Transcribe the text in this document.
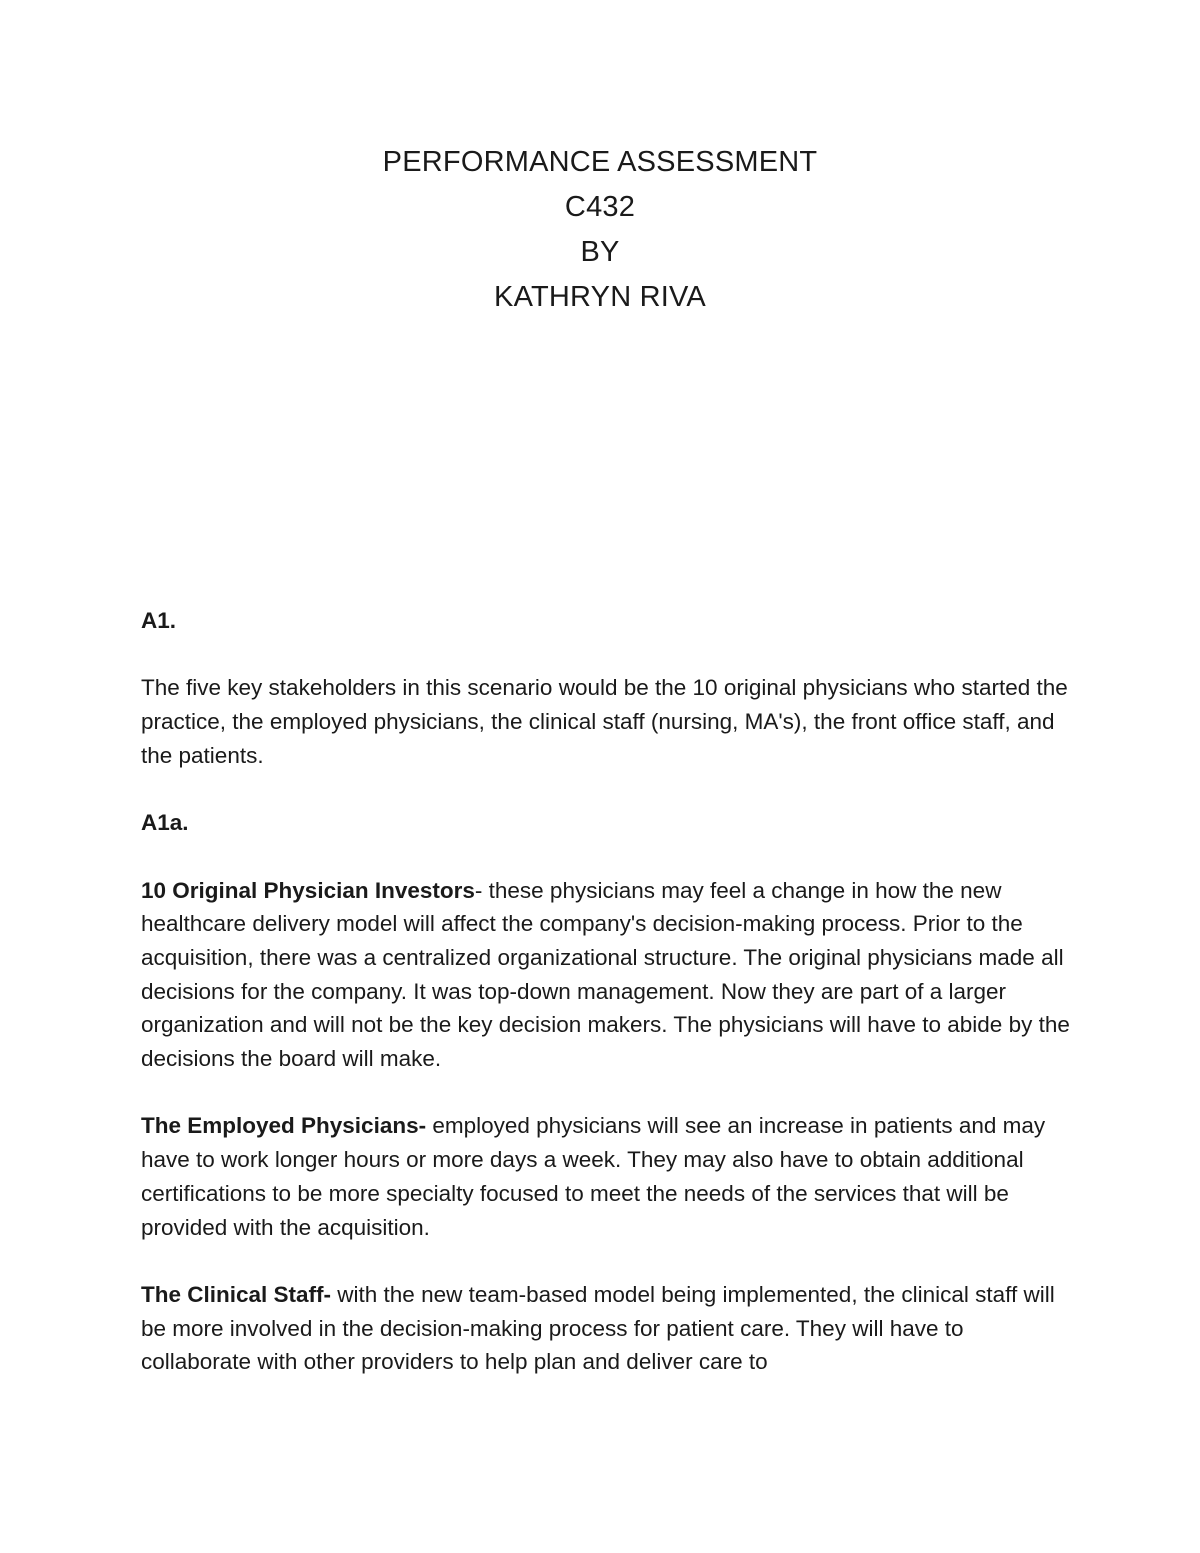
PERFORMANCE ASSESSMENT
C432
BY
KATHRYN RIVA
A1.
The five key stakeholders in this scenario would be the 10 original physicians who started the practice, the employed physicians, the clinical staff (nursing, MA's), the front office staff, and the patients.
A1a.
10 Original Physician Investors- these physicians may feel a change in how the new healthcare delivery model will affect the company's decision-making process. Prior to the acquisition, there was a centralized organizational structure. The original physicians made all decisions for the company. It was top-down management. Now they are part of a larger organization and will not be the key decision makers. The physicians will have to abide by the decisions the board will make.
The Employed Physicians- employed physicians will see an increase in patients and may have to work longer hours or more days a week. They may also have to obtain additional certifications to be more specialty focused to meet the needs of the services that will be provided with the acquisition.
The Clinical Staff- with the new team-based model being implemented, the clinical staff will be more involved in the decision-making process for patient care. They will have to collaborate with other providers to help plan and deliver care to
